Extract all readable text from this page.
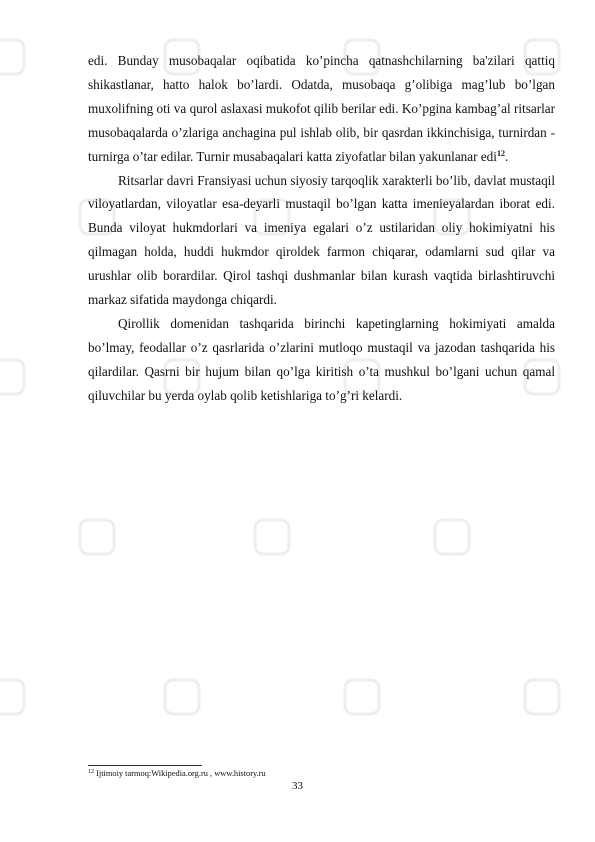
edi. Bunday musobaqalar oqibatida ko’pincha qatnashchilarning ba'zilari qattiq shikastlanar, hatto halok bo’lardi. Odatda, musobaqa g’olibiga mag’lub bo’lgan muxolifning oti va qurol aslaxasi mukofot qilib berilar edi. Ko’pgina kambag’al ritsarlar musobaqalarda o’zlariga anchagina pul ishlab olib, bir qasrdan ikkinchisiga, turnirdan - turnirga o’tar edilar. Turnir musabaqalari katta ziyofatlar bilan yakunlanar edi$^{12}$.

Ritsarlar davri Fransiyasi uchun siyosiy tarqoqlik xarakterli bo’lib, davlat mustaqil viloyatlardan, viloyatlar esa-deyarli mustaqil bo’lgan katta imenieyalardan iborat edi. Bunda viloyat hukmdorlari va imeniya egalari o’z ustilaridan oliy hokimiyatni his qilmagan holda, huddi hukmdor qiroldek farmon chiqarar, odamlarni sud qilar va urushlar olib borardilar. Qirol tashqi dushmanlar bilan kurash vaqtida birlashtiruvchi markaz sifatida maydonga chiqardi.

Qirollik domenidan tashqarida birinchi kapetinglarning hokimiyati amalda bo’lmay, feodallar o’z qasrlarida o’zlarini mutloqo mustaqil va jazodan tashqarida his qilardilar. Qasrni bir hujum bilan qo’lga kiritish o’ta mushkul bo’lgani uchun qamal qiluvchilar bu yerda oylab qolib ketishlariga to’g’ri kelardi.

$^{12}$ Ijtimoiy tarmoq:Wikipedia.org.ru , www.history.ru
33
